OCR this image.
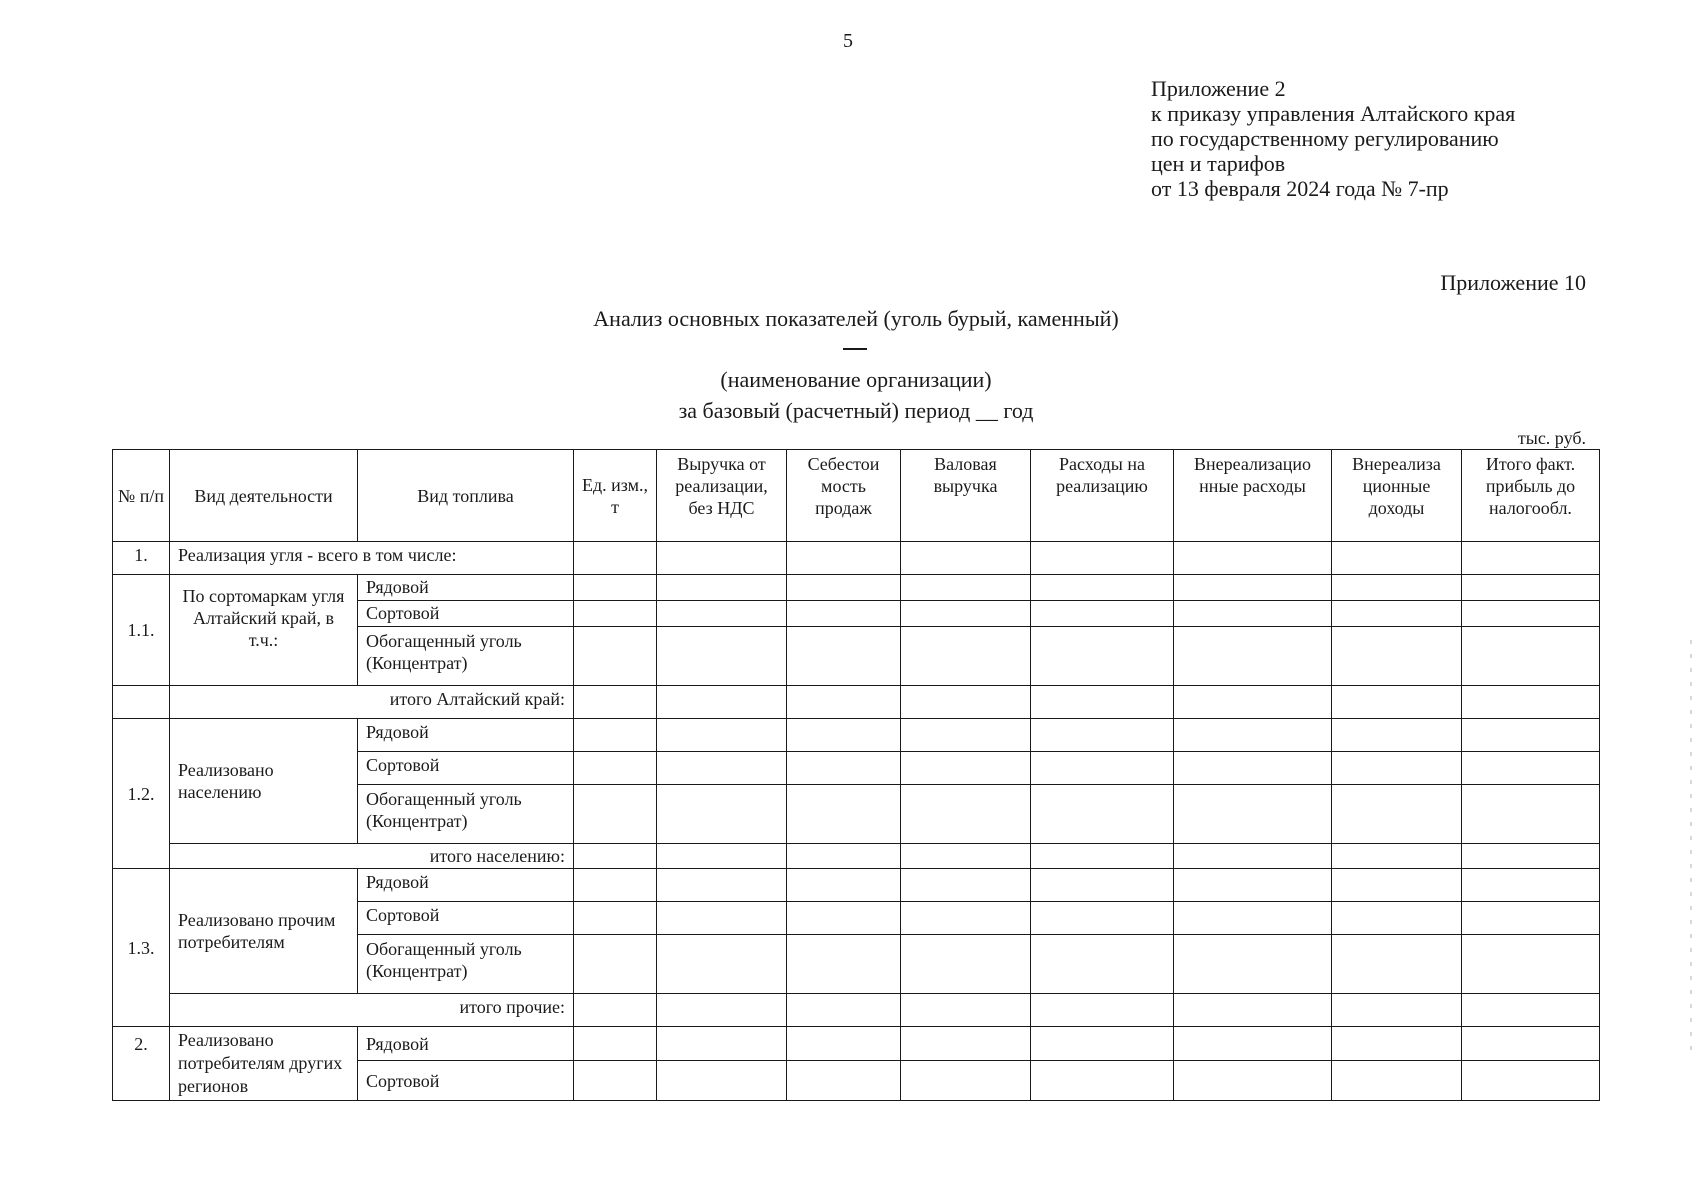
5
Приложение 2
к приказу управления Алтайского края
по государственному регулированию
цен и тарифов
от 13 февраля 2024 года № 7-пр
Приложение 10
Анализ основных показателей (уголь бурый, каменный)
(наименование организации)
за базовый (расчетный) период __ год
тыс. руб.
№ п/п	Вид деятельности	Вид топлива	Ед. изм., т	Выручка от реализации, без НДС	Себестои мость продаж	Валовая выручка	Расходы на реализацию	Внереализацио нные расходы	Внереализа ционные доходы	Итого факт. прибыль до налогообл.
1.	Реализация угля - всего в том числе:									
1.1.	По сортомаркам угля Алтайский край, в т.ч.:	Рядовой								
		Сортовой								
		Обогащенный уголь (Концентрат)								
	итого Алтайский край:									
1.2.	Реализовано населению	Рядовой								
		Сортовой								
		Обогащенный уголь (Концентрат)								
	итого населению:									
1.3.	Реализовано прочим потребителям	Рядовой								
		Сортовой								
		Обогащенный уголь (Концентрат)								
	итого прочие:									
2.	Реализовано потребителям других регионов	Рядовой								
		Сортовой								
